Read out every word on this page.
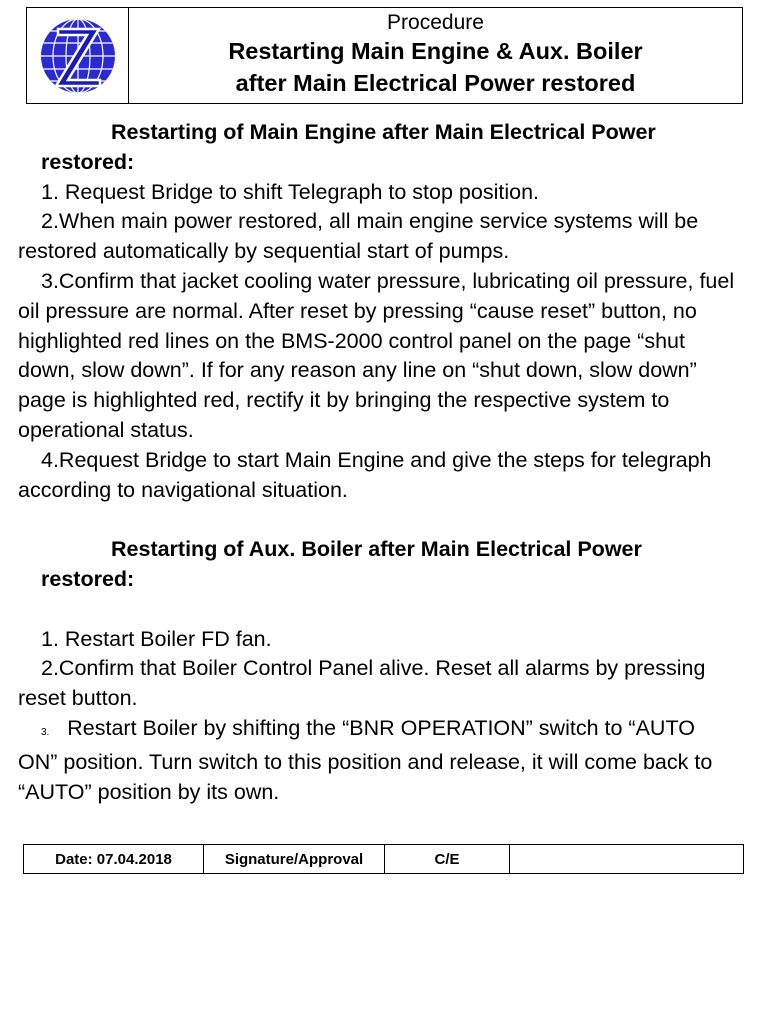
Procedure
Restarting Main Engine & Aux. Boiler
after Main Electrical Power restored

Restarting of Main Engine after Main Electrical Power

restored:

1. Request Bridge to shift Telegraph to stop position.

2.When main power restored, all main engine service systems will be restored automatically by sequential start of pumps.

3.Confirm that jacket cooling water pressure, lubricating oil pressure, fuel oil pressure are normal. After reset by pressing “cause reset” button, no highlighted red lines on the BMS-2000 control panel on the page “shut down, slow down”. If for any reason any line on “shut down, slow down” page is highlighted red, rectify it by bringing the respective system to operational status.

4.Request Bridge to start Main Engine and give the steps for telegraph according to navigational situation.

Restarting of Aux. Boiler after Main Electrical Power

restored:

1. Restart Boiler FD fan.

2.Confirm that Boiler Control Panel alive. Reset all alarms by pressing reset button.

3. Restart Boiler by shifting the “BNR OPERATION” switch to “AUTO ON” position. Turn switch to this position and release, it will come back to “AUTO” position by its own.

Date: 07.04.2018	Signature/Approval	C/E	
